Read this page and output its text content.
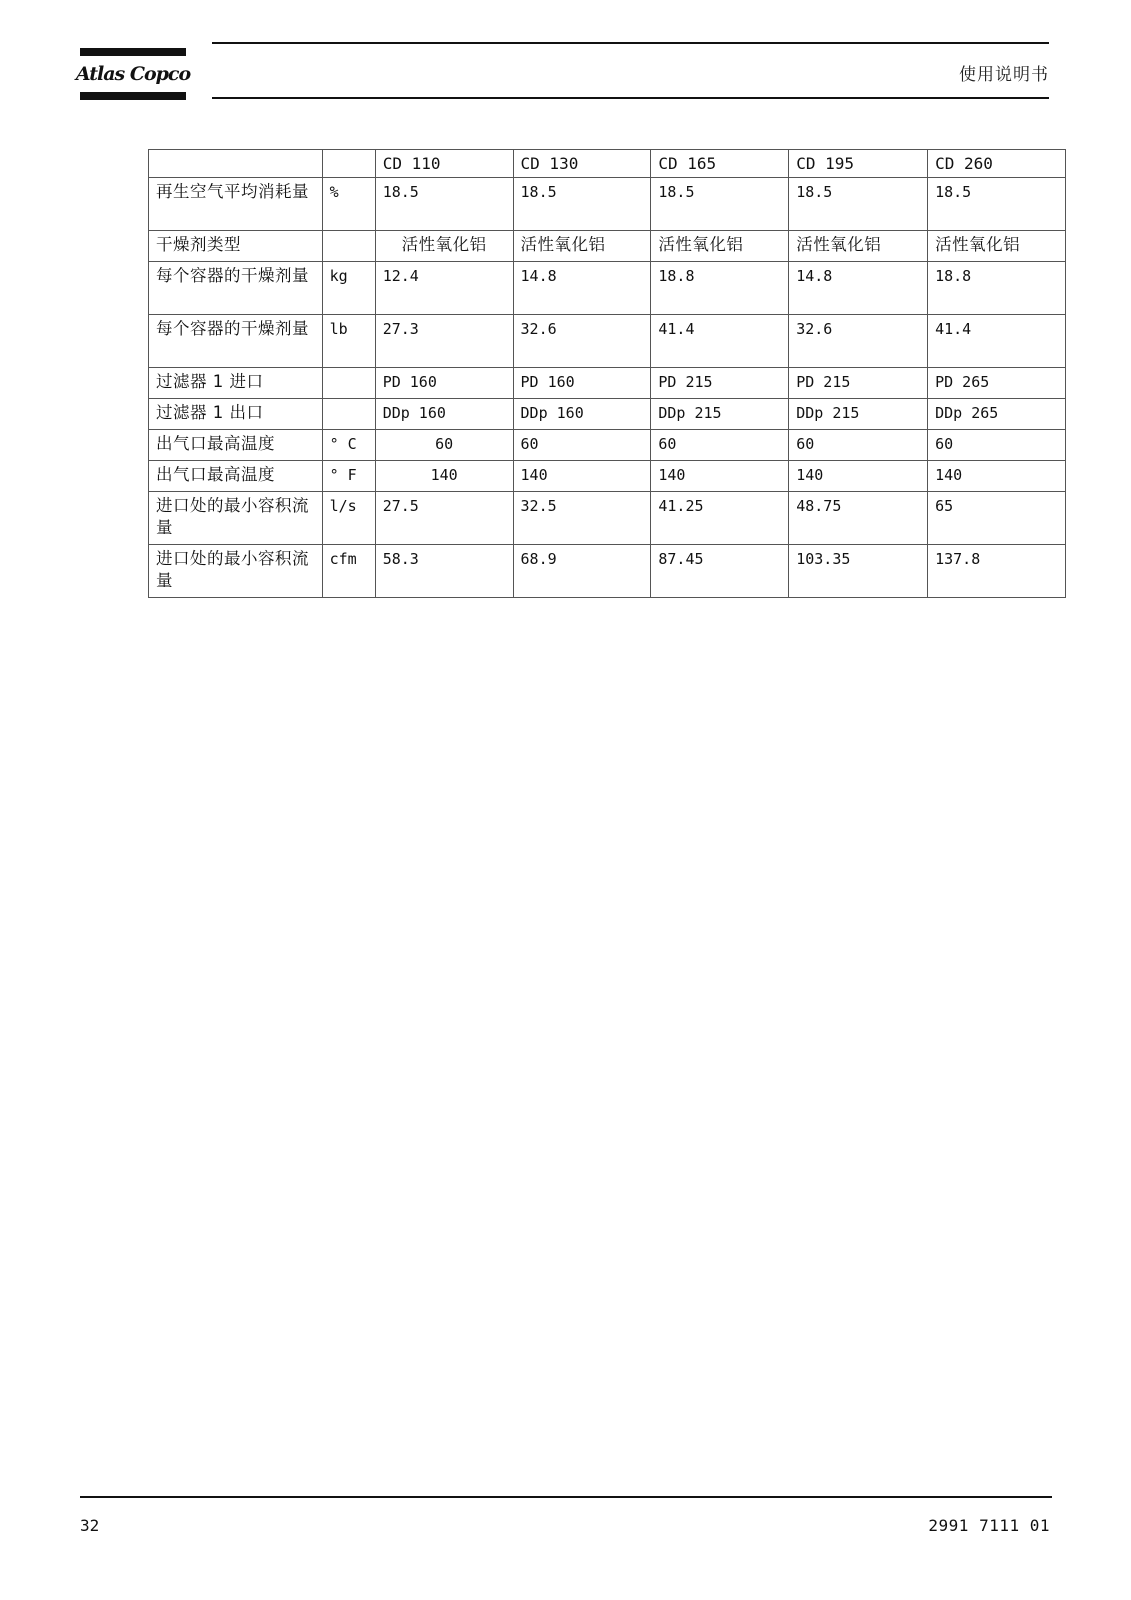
Atlas Copco	使用说明书
		CD 110	CD 130	CD 165	CD 195	CD 260
再生空气平均消耗量	%	18.5	18.5	18.5	18.5	18.5
干燥剂类型		活性氧化铝	活性氧化铝	活性氧化铝	活性氧化铝	活性氧化铝
每个容器的干燥剂量	kg	12.4	14.8	18.8	14.8	18.8
每个容器的干燥剂量	lb	27.3	32.6	41.4	32.6	41.4
过滤器 1 进口		PD 160	PD 160	PD 215	PD 215	PD 265
过滤器 1 出口		DDp 160	DDp 160	DDp 215	DDp 215	DDp 265
出气口最高温度	° C	60	60	60	60	60
出气口最高温度	° F	140	140	140	140	140
进口处的最小容积流量	l/s	27.5	32.5	41.25	48.75	65
进口处的最小容积流量	cfm	58.3	68.9	87.45	103.35	137.8
32	2991 7111 01
